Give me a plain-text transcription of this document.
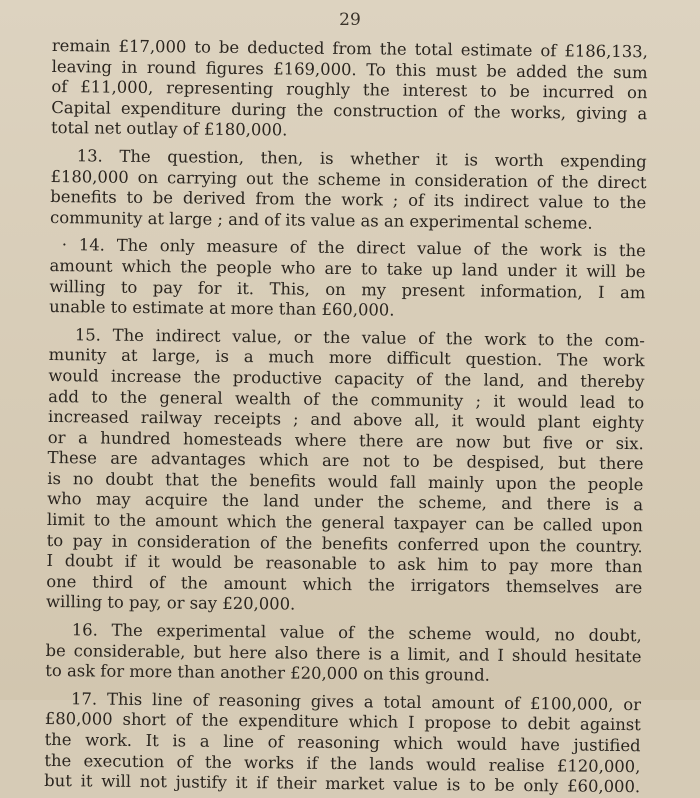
29
remain £17,000 to be deducted from the total estimate of £186,133,
leaving in round figures £169,000. To this must be added the sum
of £11,000, representing roughly the interest to be incurred on
Capital expenditure during the construction of the works, giving a
total net outlay of £180,000.
13. The question, then, is whether it is worth expending
£180,000 on carrying out the scheme in consideration of the direct
benefits to be derived from the work ; of its indirect value to the
community at large ; and of its value as an experimental scheme.
· 14. The only measure of the direct value of the work is the
amount which the people who are to take up land under it will be
willing to pay for it. This, on my present information, I am
unable to estimate at more than £60,000.
15. The indirect value, or the value of the work to the com-
munity at large, is a much more difficult question. The work
would increase the productive capacity of the land, and thereby
add to the general wealth of the community ; it would lead to
increased railway receipts ; and above all, it would plant eighty
or a hundred homesteads where there are now but five or six.
These are advantages which are not to be despised, but there
is no doubt that the benefits would fall mainly upon the people
who may acquire the land under the scheme, and there is a
limit to the amount which the general taxpayer can be called upon
to pay in consideration of the benefits conferred upon the country.
I doubt if it would be reasonable to ask him to pay more than
one third of the amount which the irrigators themselves are
willing to pay, or say £20,000.
16. The experimental value of the scheme would, no doubt,
be considerable, but here also there is a limit, and I should hesitate
to ask for more than another £20,000 on this ground.
17. This line of reasoning gives a total amount of £100,000, or
£80,000 short of the expenditure which I propose to debit against
the work. It is a line of reasoning which would have justified
the execution of the works if the lands would realise £120,000,
but it will not justify it if their market value is to be only £60,000.
